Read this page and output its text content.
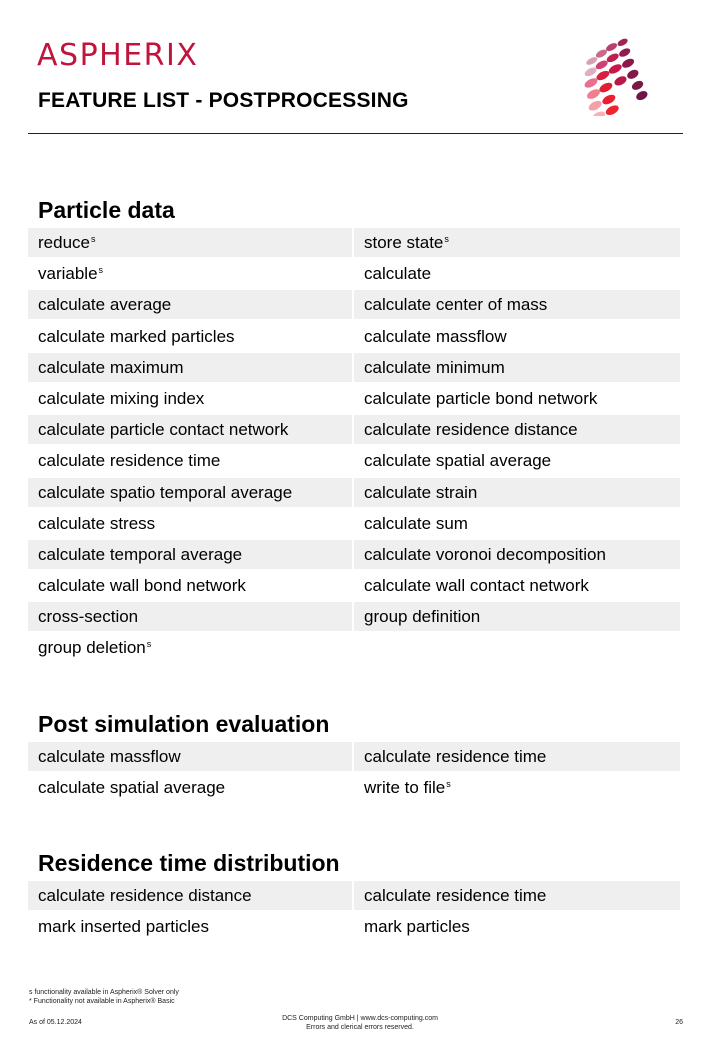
ASPHERIX
FEATURE LIST - POSTPROCESSING
Particle data
reduce$^s$	store state$^s$
variable$^s$	calculate
calculate average	calculate center of mass
calculate marked particles	calculate massflow
calculate maximum	calculate minimum
calculate mixing index	calculate particle bond network
calculate particle contact network	calculate residence distance
calculate residence time	calculate spatial average
calculate spatio temporal average	calculate strain
calculate stress	calculate sum
calculate temporal average	calculate voronoi decomposition
calculate wall bond network	calculate wall contact network
cross-section	group definition
group deletion$^s$
Post simulation evaluation
calculate massflow	calculate residence time
calculate spatial average	write to file$^s$
Residence time distribution
calculate residence distance	calculate residence time
mark inserted particles	mark particles
s functionality available in Aspherix® Solver only
* Functionality not available in Aspherix® Basic
As of 05.12.2024
DCS Computing GmbH | www.dcs-computing.com
Errors and clerical errors reserved.
26
